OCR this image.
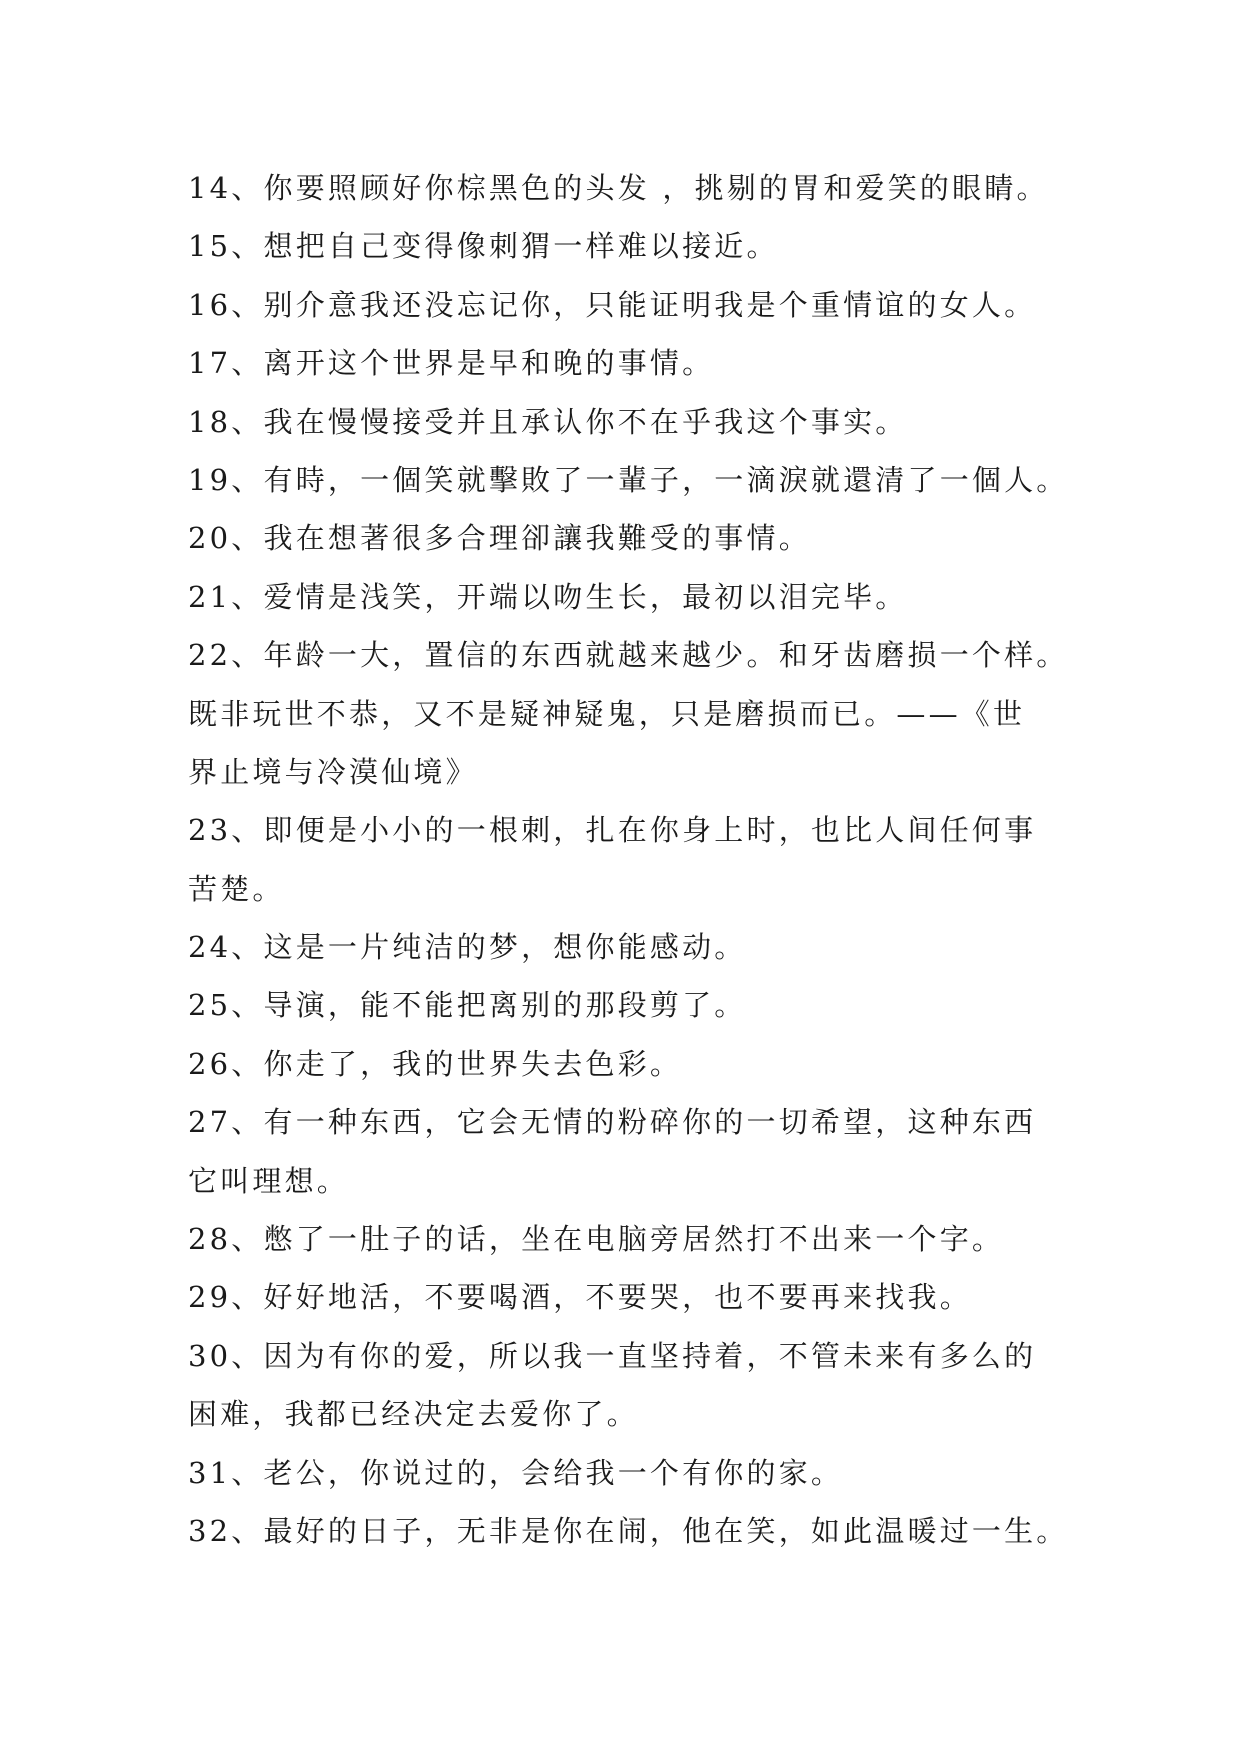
14、你要照顾好你棕黑色的头发 ，挑剔的胃和爱笑的眼睛。
15、想把自己变得像刺猬一样难以接近。
16、别介意我还没忘记你，只能证明我是个重情谊的女人。
17、离开这个世界是早和晚的事情。
18、我在慢慢接受并且承认你不在乎我这个事实。
19、有時，一個笑就擊敗了一輩子，一滴淚就還清了一個人。
20、我在想著很多合理卻讓我難受的事情。
21、爱情是浅笑，开端以吻生长，最初以泪完毕。
22、年龄一大，置信的东西就越来越少。和牙齿磨损一个样。
既非玩世不恭，又不是疑神疑鬼，只是磨损而已。——《世
界止境与冷漠仙境》
23、即便是小小的一根刺，扎在你身上时，也比人间任何事
苦楚。
24、这是一片纯洁的梦，想你能感动。
25、导演，能不能把离别的那段剪了。
26、你走了，我的世界失去色彩。
27、有一种东西，它会无情的粉碎你的一切希望，这种东西
它叫理想。
28、憋了一肚子的话，坐在电脑旁居然打不出来一个字。
29、好好地活，不要喝酒，不要哭，也不要再来找我。
30、因为有你的爱，所以我一直坚持着，不管未来有多么的
困难，我都已经决定去爱你了。
31、老公，你说过的，会给我一个有你的家。
32、最好的日子，无非是你在闹，他在笑，如此温暖过一生。
